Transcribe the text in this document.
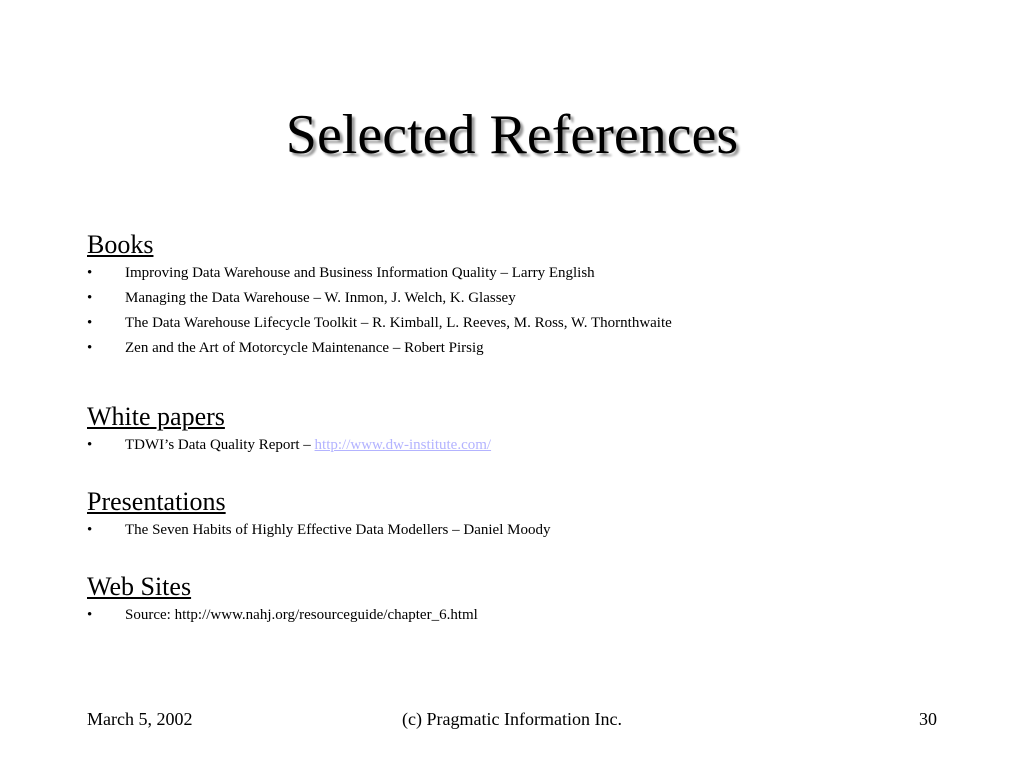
Selected References
Books
• Improving Data Warehouse and Business Information Quality – Larry English
• Managing the Data Warehouse – W. Inmon, J. Welch, K. Glassey
• The Data Warehouse Lifecycle Toolkit – R. Kimball, L. Reeves, M. Ross, W. Thornthwaite
• Zen and the Art of Motorcycle Maintenance – Robert Pirsig
White papers
• TDWI’s Data Quality Report – http://www.dw-institute.com/
Presentations
• The Seven Habits of Highly Effective Data Modellers – Daniel Moody
Web Sites
• Source: http://www.nahj.org/resourceguide/chapter_6.html
March 5, 2002	(c) Pragmatic Information Inc.	30
